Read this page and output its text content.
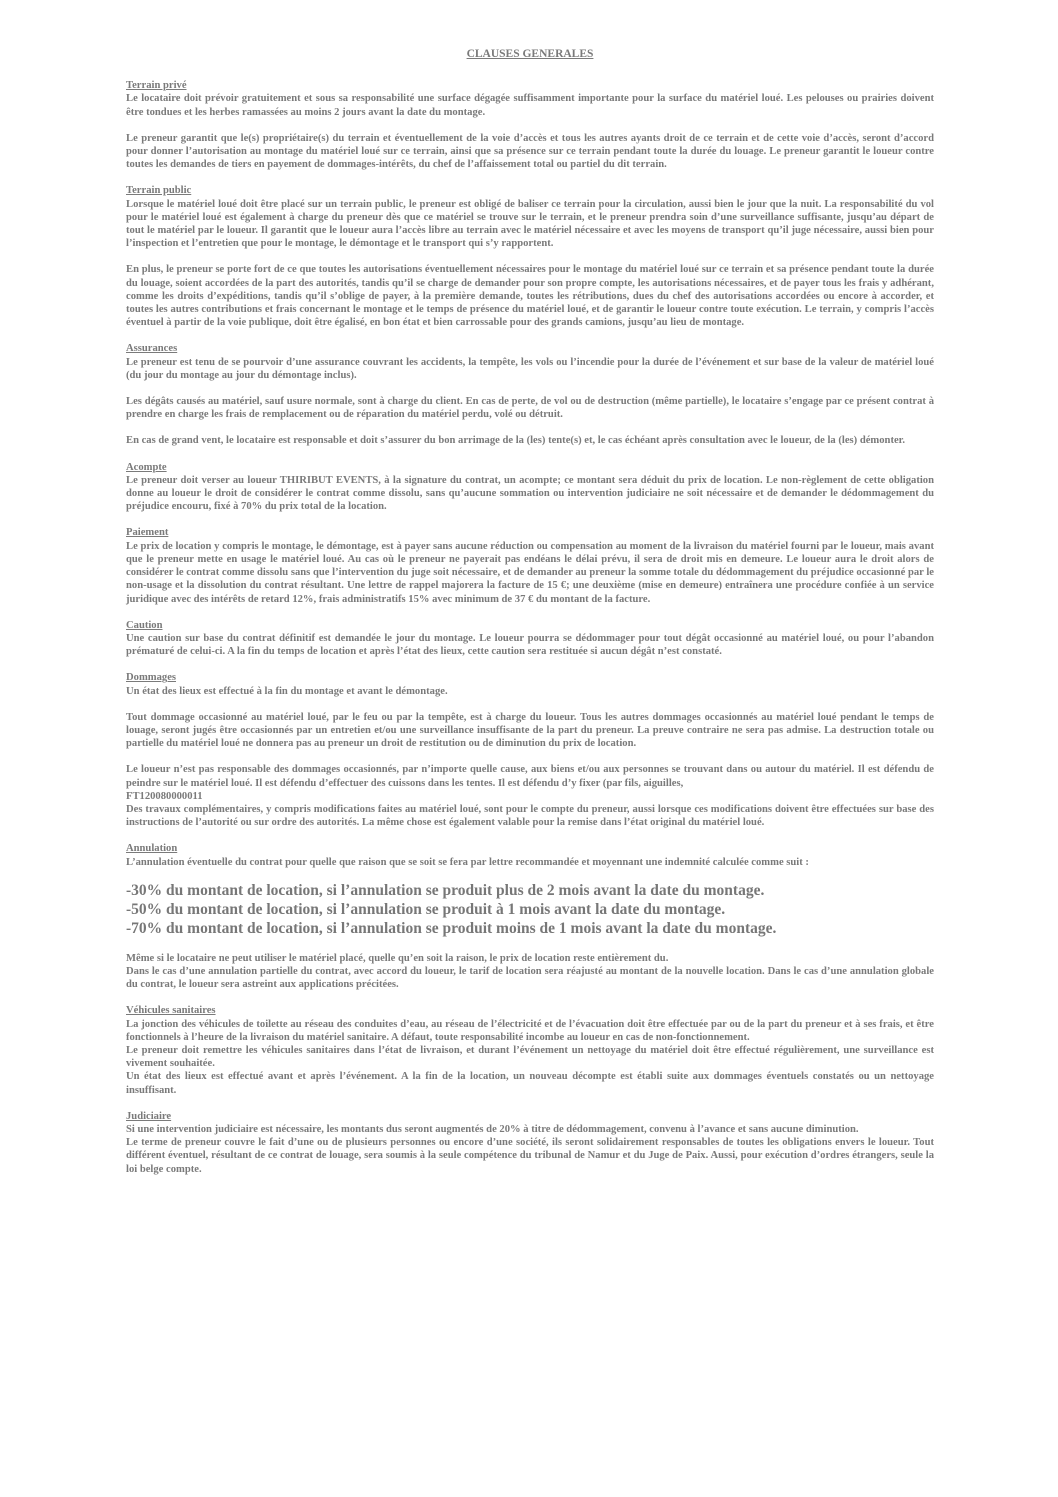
CLAUSES GENERALES

Terrain privé

Le locataire doit prévoir gratuitement et sous sa responsabilité une surface dégagée suffisamment importante pour la surface du matériel loué. Les pelouses ou prairies doivent être tondues et les herbes ramassées au moins 2 jours avant la date du montage.

Le preneur garantit que le(s) propriétaire(s) du terrain et éventuellement de la voie d’accès et tous les autres ayants droit de ce terrain et de cette voie d’accès, seront d’accord pour donner l’autorisation au montage du matériel loué sur ce terrain, ainsi que sa présence sur ce terrain pendant toute la durée du louage. Le preneur garantit le loueur contre toutes les demandes de tiers en payement de dommages-intérêts, du chef de l’affaissement total ou partiel du dit terrain.

Terrain public

Lorsque le matériel loué doit être placé sur un terrain public, le preneur est obligé de baliser ce terrain pour la circulation, aussi bien le jour que la nuit. La responsabilité du vol pour le matériel loué est également à charge du preneur dès que ce matériel se trouve sur le terrain, et le preneur prendra soin d’une surveillance suffisante, jusqu’au départ de tout le matériel par le loueur. Il garantit que le loueur aura l’accès libre au terrain avec le matériel nécessaire et avec les moyens de transport qu’il juge nécessaire, aussi bien pour l’inspection et l’entretien que pour le montage, le démontage et le transport qui s’y rapportent.

En plus, le preneur se porte fort de ce que toutes les autorisations éventuellement nécessaires pour le montage du matériel loué sur ce terrain et sa présence pendant toute la durée du louage, soient accordées de la part des autorités, tandis qu’il se charge de demander pour son propre compte, les autorisations nécessaires, et de payer tous les frais y adhérant, comme les droits d’expéditions, tandis qu’il s’oblige de payer, à la première demande, toutes les rétributions, dues du chef des autorisations accordées ou encore à accorder, et toutes les autres contributions et frais concernant le montage et le temps de présence du matériel loué, et de garantir le loueur contre toute exécution. Le terrain, y compris l’accès éventuel à partir de la voie publique, doit être égalisé, en bon état et bien carrossable pour des grands camions, jusqu’au lieu de montage.

Assurances

Le preneur est tenu de se pourvoir d’une assurance couvrant les accidents, la tempête, les vols ou l’incendie pour la durée de l’événement et sur base de la valeur de matériel loué (du jour du montage au jour du démontage inclus).

Les dégâts causés au matériel, sauf usure normale, sont à charge du client. En cas de perte, de vol ou de destruction (même partielle), le locataire s’engage par ce présent contrat à prendre en charge les frais de remplacement ou de réparation du matériel perdu, volé ou détruit.

En cas de grand vent, le locataire est responsable et doit s’assurer du bon arrimage de la (les) tente(s) et, le cas échéant après consultation avec le loueur, de la (les) démonter.

Acompte

Le preneur doit verser au loueur THIRIBUT EVENTS, à la signature du contrat, un acompte; ce montant sera déduit du prix de location. Le non-règlement de cette obligation donne au loueur le droit de considérer le contrat comme dissolu, sans qu’aucune sommation ou intervention judiciaire ne soit nécessaire et de demander le dédommagement du préjudice encouru, fixé à 70% du prix total de la location.

Paiement

Le prix de location y compris le montage, le démontage, est à payer sans aucune réduction ou compensation au moment de la livraison du matériel fourni par le loueur, mais avant que le preneur mette en usage le matériel loué. Au cas où le preneur ne payerait pas endéans le délai prévu, il sera de droit mis en demeure. Le loueur aura le droit alors de considérer le contrat comme dissolu sans que l’intervention du juge soit nécessaire, et de demander au preneur la somme totale du dédommagement du préjudice occasionné par le non-usage et la dissolution du contrat résultant. Une lettre de rappel majorera la facture de 15 €; une deuxième (mise en demeure) entraînera une procédure confiée à un service juridique avec des intérêts de retard 12%, frais administratifs 15% avec minimum de 37 € du montant de la facture.

Caution

Une caution sur base du contrat définitif est demandée le jour du montage. Le loueur pourra se dédommager pour tout dégât occasionné au matériel loué, ou pour l’abandon prématuré de celui-ci. A la fin du temps de location et après l’état des lieux, cette caution sera restituée si aucun dégât n’est constaté.

Dommages

Un état des lieux est effectué à la fin du montage et avant le démontage.

Tout dommage occasionné au matériel loué, par le feu ou par la tempête, est à charge du loueur. Tous les autres dommages occasionnés au matériel loué pendant le temps de louage, seront jugés être occasionnés par un entretien et/ou une surveillance insuffisante de la part du preneur. La preuve contraire ne sera pas admise. La destruction totale ou partielle du matériel loué ne donnera pas au preneur un droit de restitution ou de diminution du prix de location.

Le loueur n’est pas responsable des dommages occasionnés, par n’importe quelle cause, aux biens et/ou aux personnes se trouvant dans ou autour du matériel. Il est défendu de peindre sur le matériel loué. Il est défendu d’effectuer des cuissons dans les tentes. Il est défendu d’y fixer (par fils, aiguilles,

FT120080000011

Des travaux complémentaires, y compris modifications faites au matériel loué, sont pour le compte du preneur, aussi lorsque ces modifications doivent être effectuées sur base des instructions de l’autorité ou sur ordre des autorités. La même chose est également valable pour la remise dans l’état original du matériel loué.

Annulation

L’annulation éventuelle du contrat pour quelle que raison que se soit se fera par lettre recommandée et moyennant une indemnité calculée comme suit :

-30% du montant de location, si l’annulation se produit plus de 2 mois avant la date du montage.

-50% du montant de location, si l’annulation se produit à 1 mois avant la date du montage.

-70% du montant de location, si l’annulation se produit moins de 1 mois avant la date du montage.

Même si le locataire ne peut utiliser le matériel placé, quelle qu’en soit la raison, le prix de location reste entièrement du.

Dans le cas d’une annulation partielle du contrat, avec accord du loueur, le tarif de location sera réajusté au montant de la nouvelle location. Dans le cas d’une annulation globale du contrat, le loueur sera astreint aux applications précitées.

Véhicules sanitaires

La jonction des véhicules de toilette au réseau des conduites d’eau, au réseau de l’électricité et de l’évacuation doit être effectuée par ou de la part du preneur et à ses frais, et être fonctionnels à l’heure de la livraison du matériel sanitaire. A défaut, toute responsabilité incombe au loueur en cas de non-fonctionnement.

Le preneur doit remettre les véhicules sanitaires dans l’état de livraison, et durant l’événement un nettoyage du matériel doit être effectué régulièrement, une surveillance est vivement souhaitée.

Un état des lieux est effectué avant et après l’événement. A la fin de la location, un nouveau décompte est établi suite aux dommages éventuels constatés ou un nettoyage insuffisant.

Judiciaire

Si une intervention judiciaire est nécessaire, les montants dus seront augmentés de 20% à titre de dédommagement, convenu à l’avance et sans aucune diminution.

Le terme de preneur couvre le fait d’une ou de plusieurs personnes ou encore d’une société, ils seront solidairement responsables de toutes les obligations envers le loueur. Tout différent éventuel, résultant de ce contrat de louage, sera soumis à la seule compétence du tribunal de Namur et du Juge de Paix. Aussi, pour exécution d’ordres étrangers, seule la loi belge compte.
